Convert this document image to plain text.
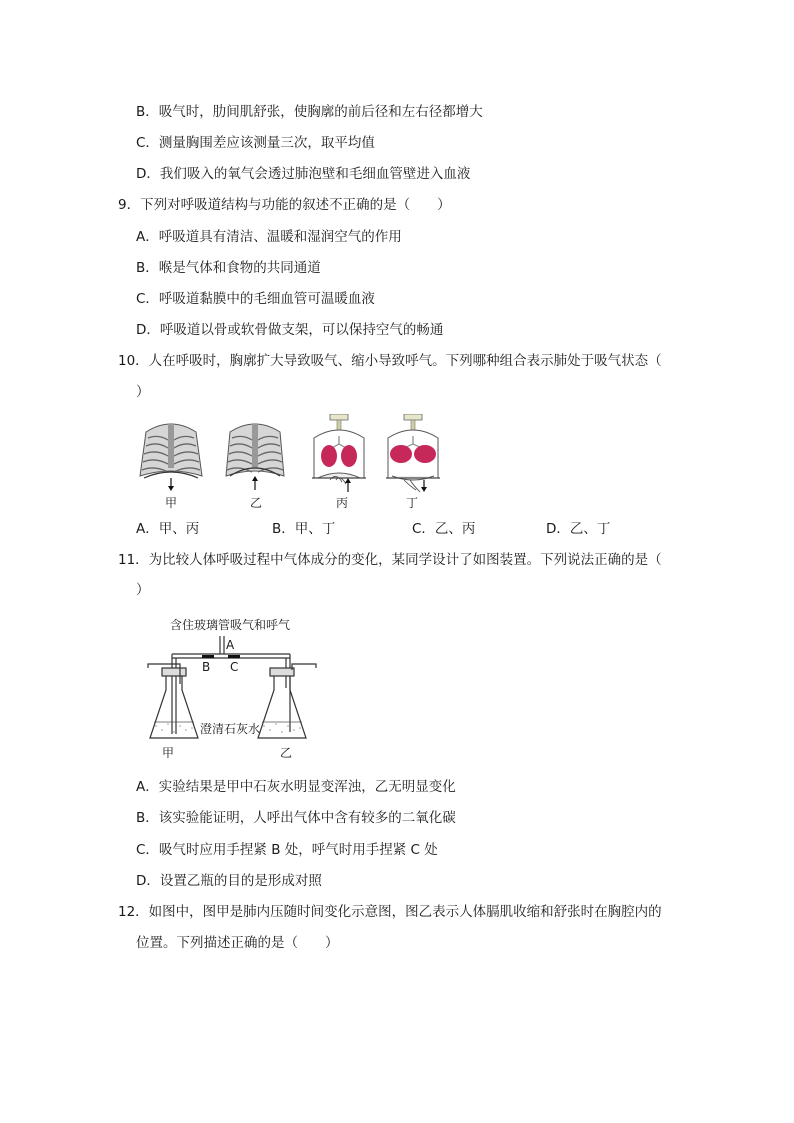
B．吸气时，肋间肌舒张，使胸廓的前后径和左右径都增大
C．测量胸围差应该测量三次，取平均值
D．我们吸入的氧气会透过肺泡壁和毛细血管壁进入血液
9．下列对呼吸道结构与功能的叙述不正确的是（　　）
A．呼吸道具有清洁、温暖和湿润空气的作用
B．喉是气体和食物的共同通道
C．呼吸道黏膜中的毛细血管可温暖血液
D．呼吸道以骨或软骨做支架，可以保持空气的畅通
10．人在呼吸时，胸廓扩大导致吸气、缩小导致呼气。下列哪种组合表示肺处于吸气状态（
）
甲	乙	丙	丁
A．甲、丙	B．甲、丁	C．乙、丙	D．乙、丁
11．为比较人体呼吸过程中气体成分的变化，某同学设计了如图装置。下列说法正确的是（
）
含住玻璃管吸气和呼气
A
B C
澄清石灰水
甲	乙
A．实验结果是甲中石灰水明显变浑浊，乙无明显变化
B．该实验能证明，人呼出气体中含有较多的二氧化碳
C．吸气时应用手捏紧 B 处，呼气时用手捏紧 C 处
D．设置乙瓶的目的是形成对照
12．如图中，图甲是肺内压随时间变化示意图，图乙表示人体膈肌收缩和舒张时在胸腔内的
位置。下列描述正确的是（　　）
